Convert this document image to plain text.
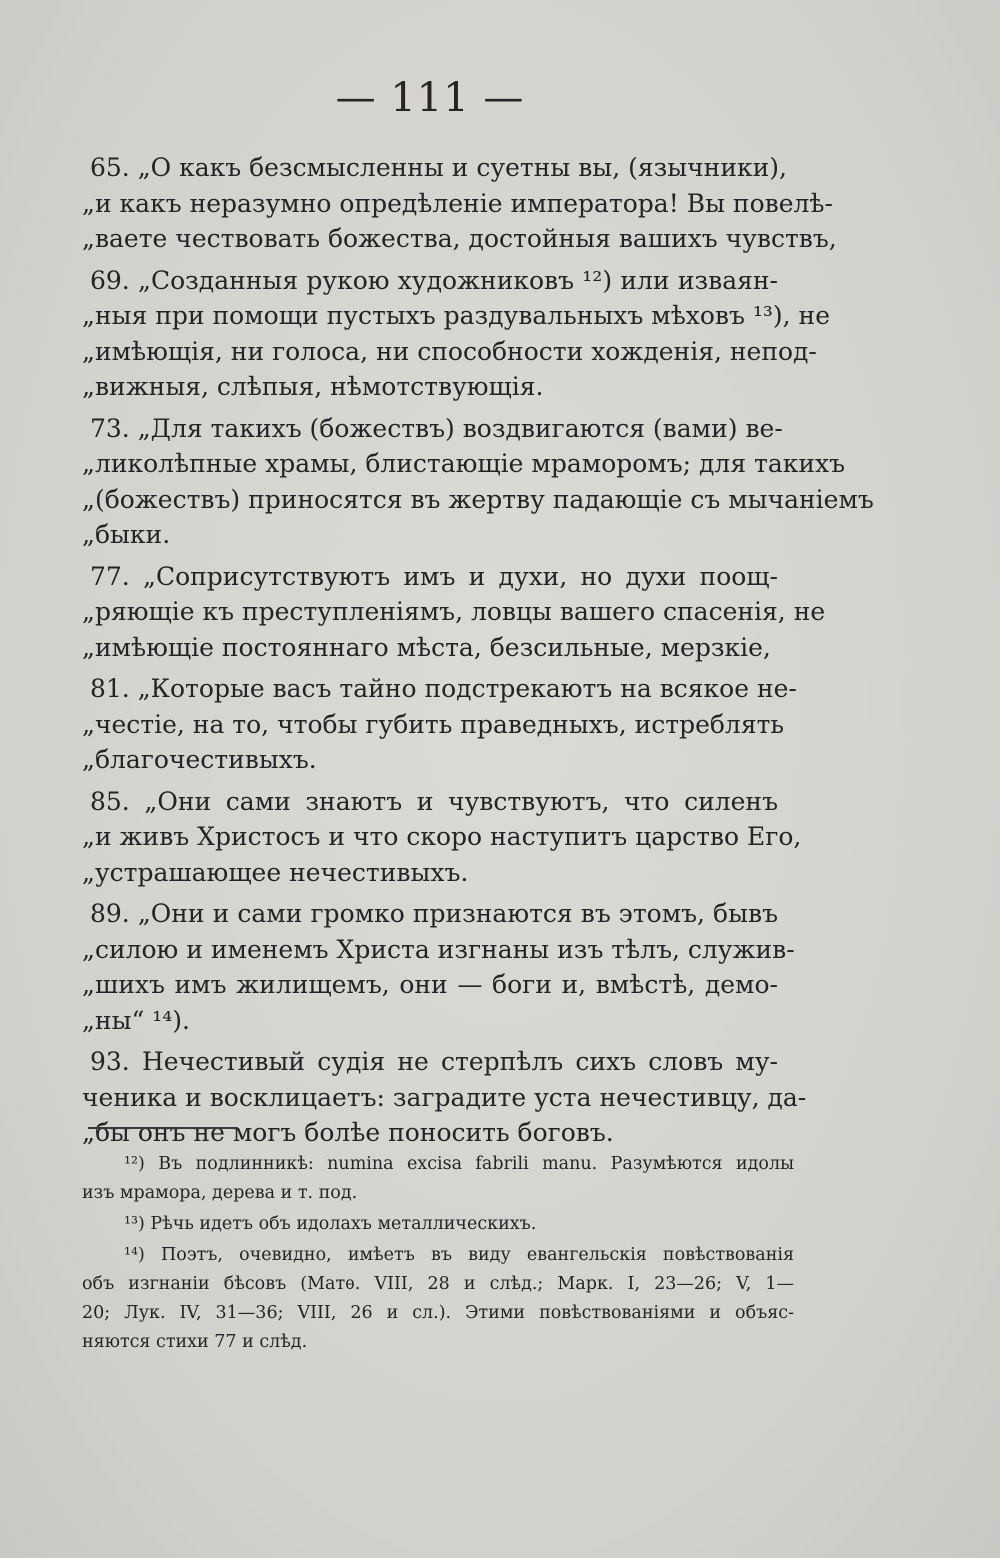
— 111 —
65. „О какъ безсмысленны и суетны вы, (язычники),
„и какъ неразумно опредѣленіе императора! Вы повелѣ-
„ваете чествовать божества, достойныя вашихъ чувствъ,
69. „Созданныя рукою художниковъ ¹²) или изваян-
„ныя при помощи пустыхъ раздувальныхъ мѣховъ ¹³), не
„имѣющія, ни голоса, ни способности хожденія, непод-
„вижныя, слѣпыя, нѣмотствующія.
73. „Для такихъ (божествъ) воздвигаются (вами) ве-
„ликолѣпные храмы, блистающіе мраморомъ; для такихъ
„(божествъ) приносятся въ жертву падающіе съ мычаніемъ
„быки.
77. „Соприсутствуютъ имъ и духи, но духи поощ-
„ряющіе къ преступленіямъ, ловцы вашего спасенія, не
„имѣющіе постояннаго мѣста, безсильные, мерзкіе,
81. „Которые васъ тайно подстрекаютъ на всякое не-
„честіе, на то, чтобы губить праведныхъ, истреблять
„благочестивыхъ.
85. „Они сами знаютъ и чувствуютъ, что силенъ
„и живъ Христосъ и что скоро наступитъ царство Его,
„устрашающее нечестивыхъ.
89. „Они и сами громко признаются въ этомъ, бывъ
„силою и именемъ Христа изгнаны изъ тѣлъ, служив-
„шихъ имъ жилищемъ, они — боги и, вмѣстѣ, демо-
„ны“ ¹⁴).
93. Нечестивый судія не стерпѣлъ сихъ словъ му-
ченика и восклицаетъ: заградите уста нечестивцу, да-
„бы онъ не могъ болѣе поносить боговъ.
¹²) Въ подлинникѣ: numina excisa fabrili manu. Разумѣются идолы
изъ мрамора, дерева и т. под.
¹³) Рѣчь идетъ объ идолахъ металлическихъ.
¹⁴) Поэтъ, очевидно, имѣетъ въ виду евангельскія повѣствованія
объ изгнаніи бѣсовъ (Матѳ. VIII, 28 и слѣд.; Марк. I, 23—26; V, 1—
20; Лук. IV, 31—36; VIII, 26 и сл.). Этими повѣствованіями и объяс-
няются стихи 77 и слѣд.
